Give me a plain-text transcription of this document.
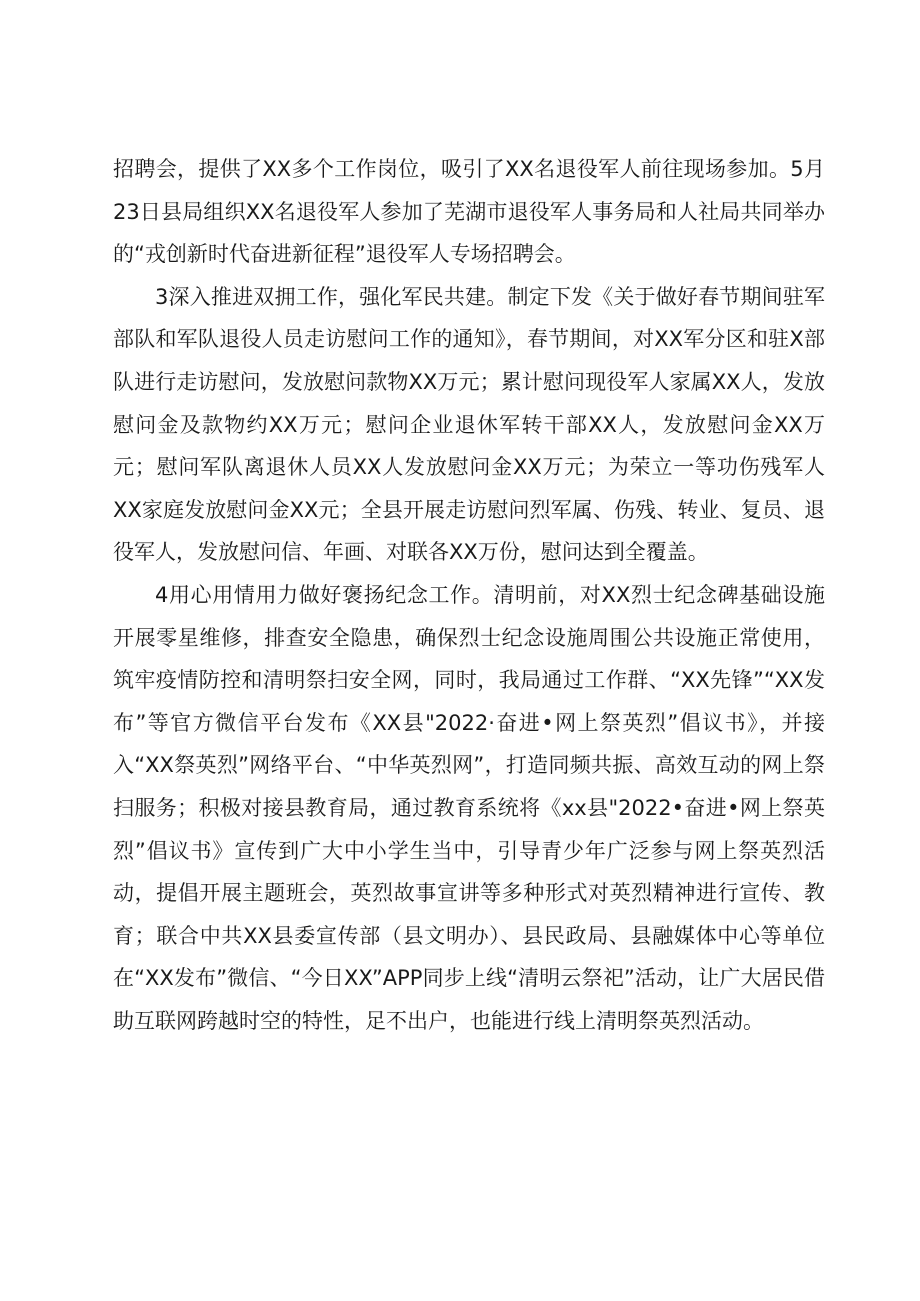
招聘会，提供了XX多个工作岗位，吸引了XX名退役军人前往现场参加。5月23日县局组织XX名退役军人参加了芜湖市退役军人事务局和人社局共同举办的“戎创新时代奋进新征程”退役军人专场招聘会。

3深入推进双拥工作，强化军民共建。制定下发《关于做好春节期间驻军部队和军队退役人员走访慰问工作的通知》，春节期间，对XX军分区和驻X部队进行走访慰问，发放慰问款物XX万元；累计慰问现役军人家属XX人，发放慰问金及款物约XX万元；慰问企业退休军转干部XX人，发放慰问金XX万元；慰问军队离退休人员XX人发放慰问金XX万元；为荣立一等功伤残军人XX家庭发放慰问金XX元；全县开展走访慰问烈军属、伤残、转业、复员、退役军人，发放慰问信、年画、对联各XX万份，慰问达到全覆盖。

4用心用情用力做好褒扬纪念工作。清明前，对XX烈士纪念碑基础设施开展零星维修，排查安全隐患，确保烈士纪念设施周围公共设施正常使用，筑牢疫情防控和清明祭扫安全网，同时，我局通过工作群、“XX先锋”“XX发布”等官方微信平台发布《XX县"2022·奋进•网上祭英烈”倡议书》，并接入“XX祭英烈”网络平台、“中华英烈网”，打造同频共振、高效互动的网上祭扫服务；积极对接县教育局，通过教育系统将《xx县"2022•奋进•网上祭英烈”倡议书》宣传到广大中小学生当中，引导青少年广泛参与网上祭英烈活动，提倡开展主题班会，英烈故事宣讲等多种形式对英烈精神进行宣传、教育；联合中共XX县委宣传部（县文明办）、县民政局、县融媒体中心等单位在“XX发布”微信、“今日XX”APP同步上线“清明云祭祀”活动，让广大居民借助互联网跨越时空的特性，足不出户，也能进行线上清明祭英烈活动。
